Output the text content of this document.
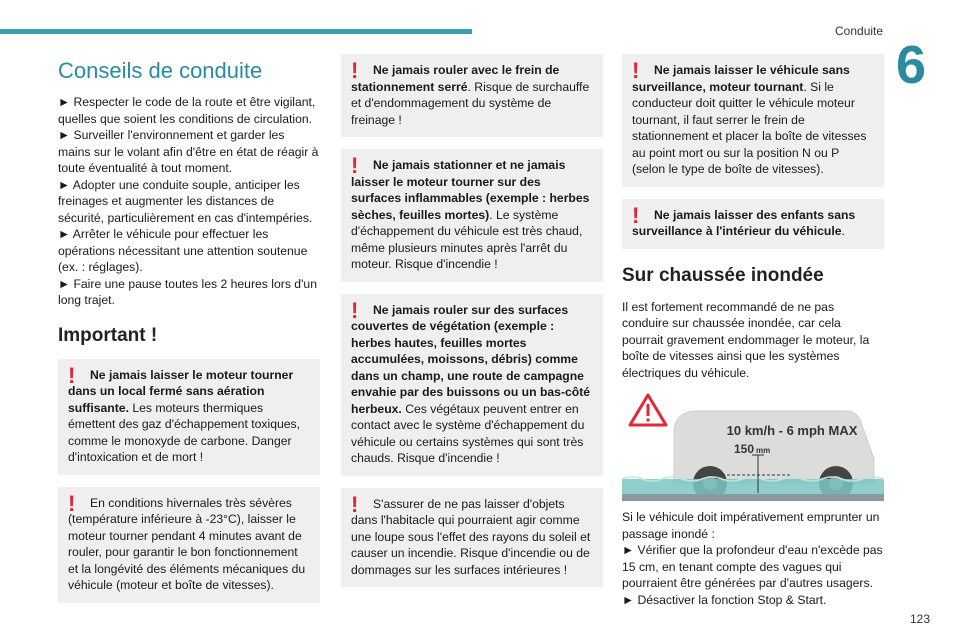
Conduite
6
Conseils de conduite

► Respecter le code de la route et être vigilant, quelles que soient les conditions de circulation.

► Surveiller l'environnement et garder les mains sur le volant afin d'être en état de réagir à toute éventualité à tout moment.

► Adopter une conduite souple, anticiper les freinages et augmenter les distances de sécurité, particulièrement en cas d'intempéries.

► Arrêter le véhicule pour effectuer les opérations nécessitant une attention soutenue (ex. : réglages).

► Faire une pause toutes les 2 heures lors d'un long trajet.

Important !
! Ne jamais laisser le moteur tourner dans un local fermé sans aération suffisante. Les moteurs thermiques émettent des gaz d'échappement toxiques, comme le monoxyde de carbone. Danger d'intoxication et de mort !
! En conditions hivernales très sévères (température inférieure à -23°C), laisser le moteur tourner pendant 4 minutes avant de rouler, pour garantir le bon fonctionnement et la longévité des éléments mécaniques du véhicule (moteur et boîte de vitesses).
! Ne jamais rouler avec le frein de stationnement serré. Risque de surchauffe et d'endommagement du système de freinage !
! Ne jamais stationner et ne jamais laisser le moteur tourner sur des surfaces inflammables (exemple : herbes sèches, feuilles mortes). Le système d'échappement du véhicule est très chaud, même plusieurs minutes après l'arrêt du moteur. Risque d'incendie !
! Ne jamais rouler sur des surfaces couvertes de végétation (exemple : herbes hautes, feuilles mortes accumulées, moissons, débris) comme dans un champ, une route de campagne envahie par des buissons ou un bas-côté herbeux. Ces végétaux peuvent entrer en contact avec le système d'échappement du véhicule ou certains systèmes qui sont très chauds. Risque d'incendie !
! S'assurer de ne pas laisser d'objets dans l'habitacle qui pourraient agir comme une loupe sous l'effet des rayons du soleil et causer un incendie. Risque d'incendie ou de dommages sur les surfaces intérieures !
! Ne jamais laisser le véhicule sans surveillance, moteur tournant. Si le conducteur doit quitter le véhicule moteur tournant, il faut serrer le frein de stationnement et placer la boîte de vitesses au point mort ou sur la position N ou P (selon le type de boîte de vitesses).
! Ne jamais laisser des enfants sans surveillance à l'intérieur du véhicule.
Sur chaussée inondée

Il est fortement recommandé de ne pas conduire sur chaussée inondée, car cela pourrait gravement endommager le moteur, la boîte de vitesses ainsi que les systèmes électriques du véhicule.

10 km/h - 6 mph MAX
150 mm

Si le véhicule doit impérativement emprunter un passage inondé :

► Vérifier que la profondeur d'eau n'excède pas 15 cm, en tenant compte des vagues qui pourraient être générées par d'autres usagers.

► Désactiver la fonction Stop & Start.

123
